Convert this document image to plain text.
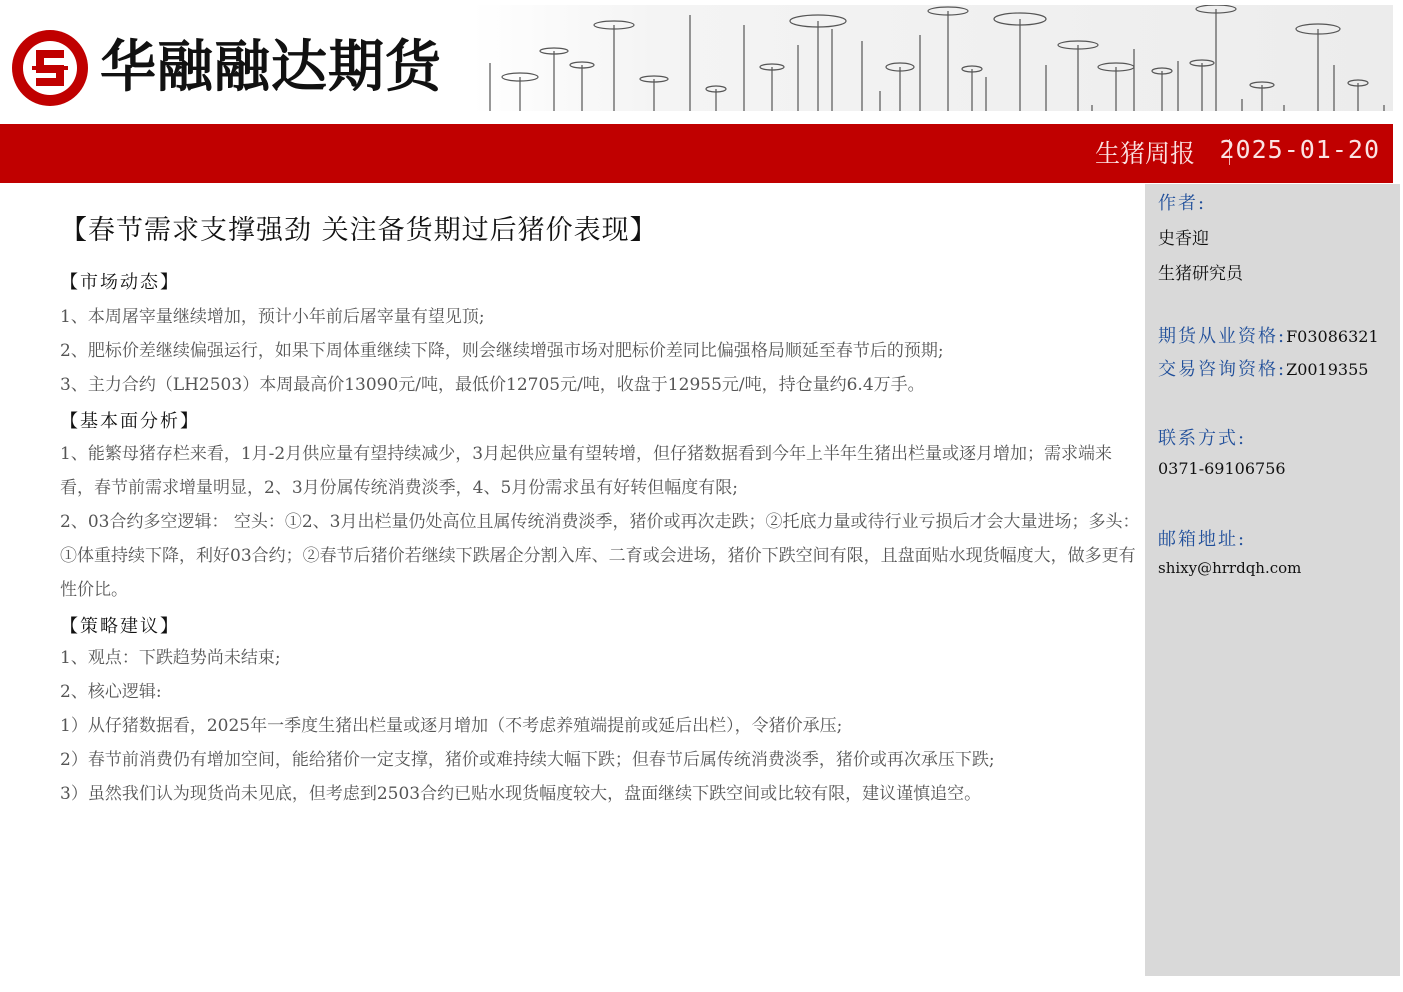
华融融达期货
生猪周报 2025-01-20
作者:
史香迎
生猪研究员
期货从业资格:F03086321
交易咨询资格:Z0019355
联系方式:
0371-69106756
邮箱地址:
shixy@hrrdqh.com
【春节需求支撑强劲 关注备货期过后猪价表现】
【市场动态】
1、本周屠宰量继续增加，预计小年前后屠宰量有望见顶;
2、肥标价差继续偏强运行，如果下周体重继续下降，则会继续增强市场对肥标价差同比偏强格局顺延至春节后的预期;
3、主力合约（LH2503）本周最高价13090元/吨，最低价12705元/吨，收盘于12955元/吨，持仓量约6.4万手。
【基本面分析】
1、能繁母猪存栏来看，1月-2月供应量有望持续减少，3月起供应量有望转增，但仔猪数据看到今年上半年生猪出栏量或逐月增加；需求端来看，春节前需求增量明显，2、3月份属传统消费淡季，4、5月份需求虽有好转但幅度有限;
2、03合约多空逻辑： 空头：①2、3月出栏量仍处高位且属传统消费淡季，猪价或再次走跌；②托底力量或待行业亏损后才会大量进场；多头：①体重持续下降，利好03合约；②春节后猪价若继续下跌屠企分割入库、二育或会进场，猪价下跌空间有限，且盘面贴水现货幅度大，做多更有性价比。
【策略建议】
1、观点：下跌趋势尚未结束;
2、核心逻辑:
1）从仔猪数据看，2025年一季度生猪出栏量或逐月增加（不考虑养殖端提前或延后出栏），令猪价承压;
2）春节前消费仍有增加空间，能给猪价一定支撑，猪价或难持续大幅下跌；但春节后属传统消费淡季，猪价或再次承压下跌;
3）虽然我们认为现货尚未见底，但考虑到2503合约已贴水现货幅度较大，盘面继续下跌空间或比较有限，建议谨慎追空。
